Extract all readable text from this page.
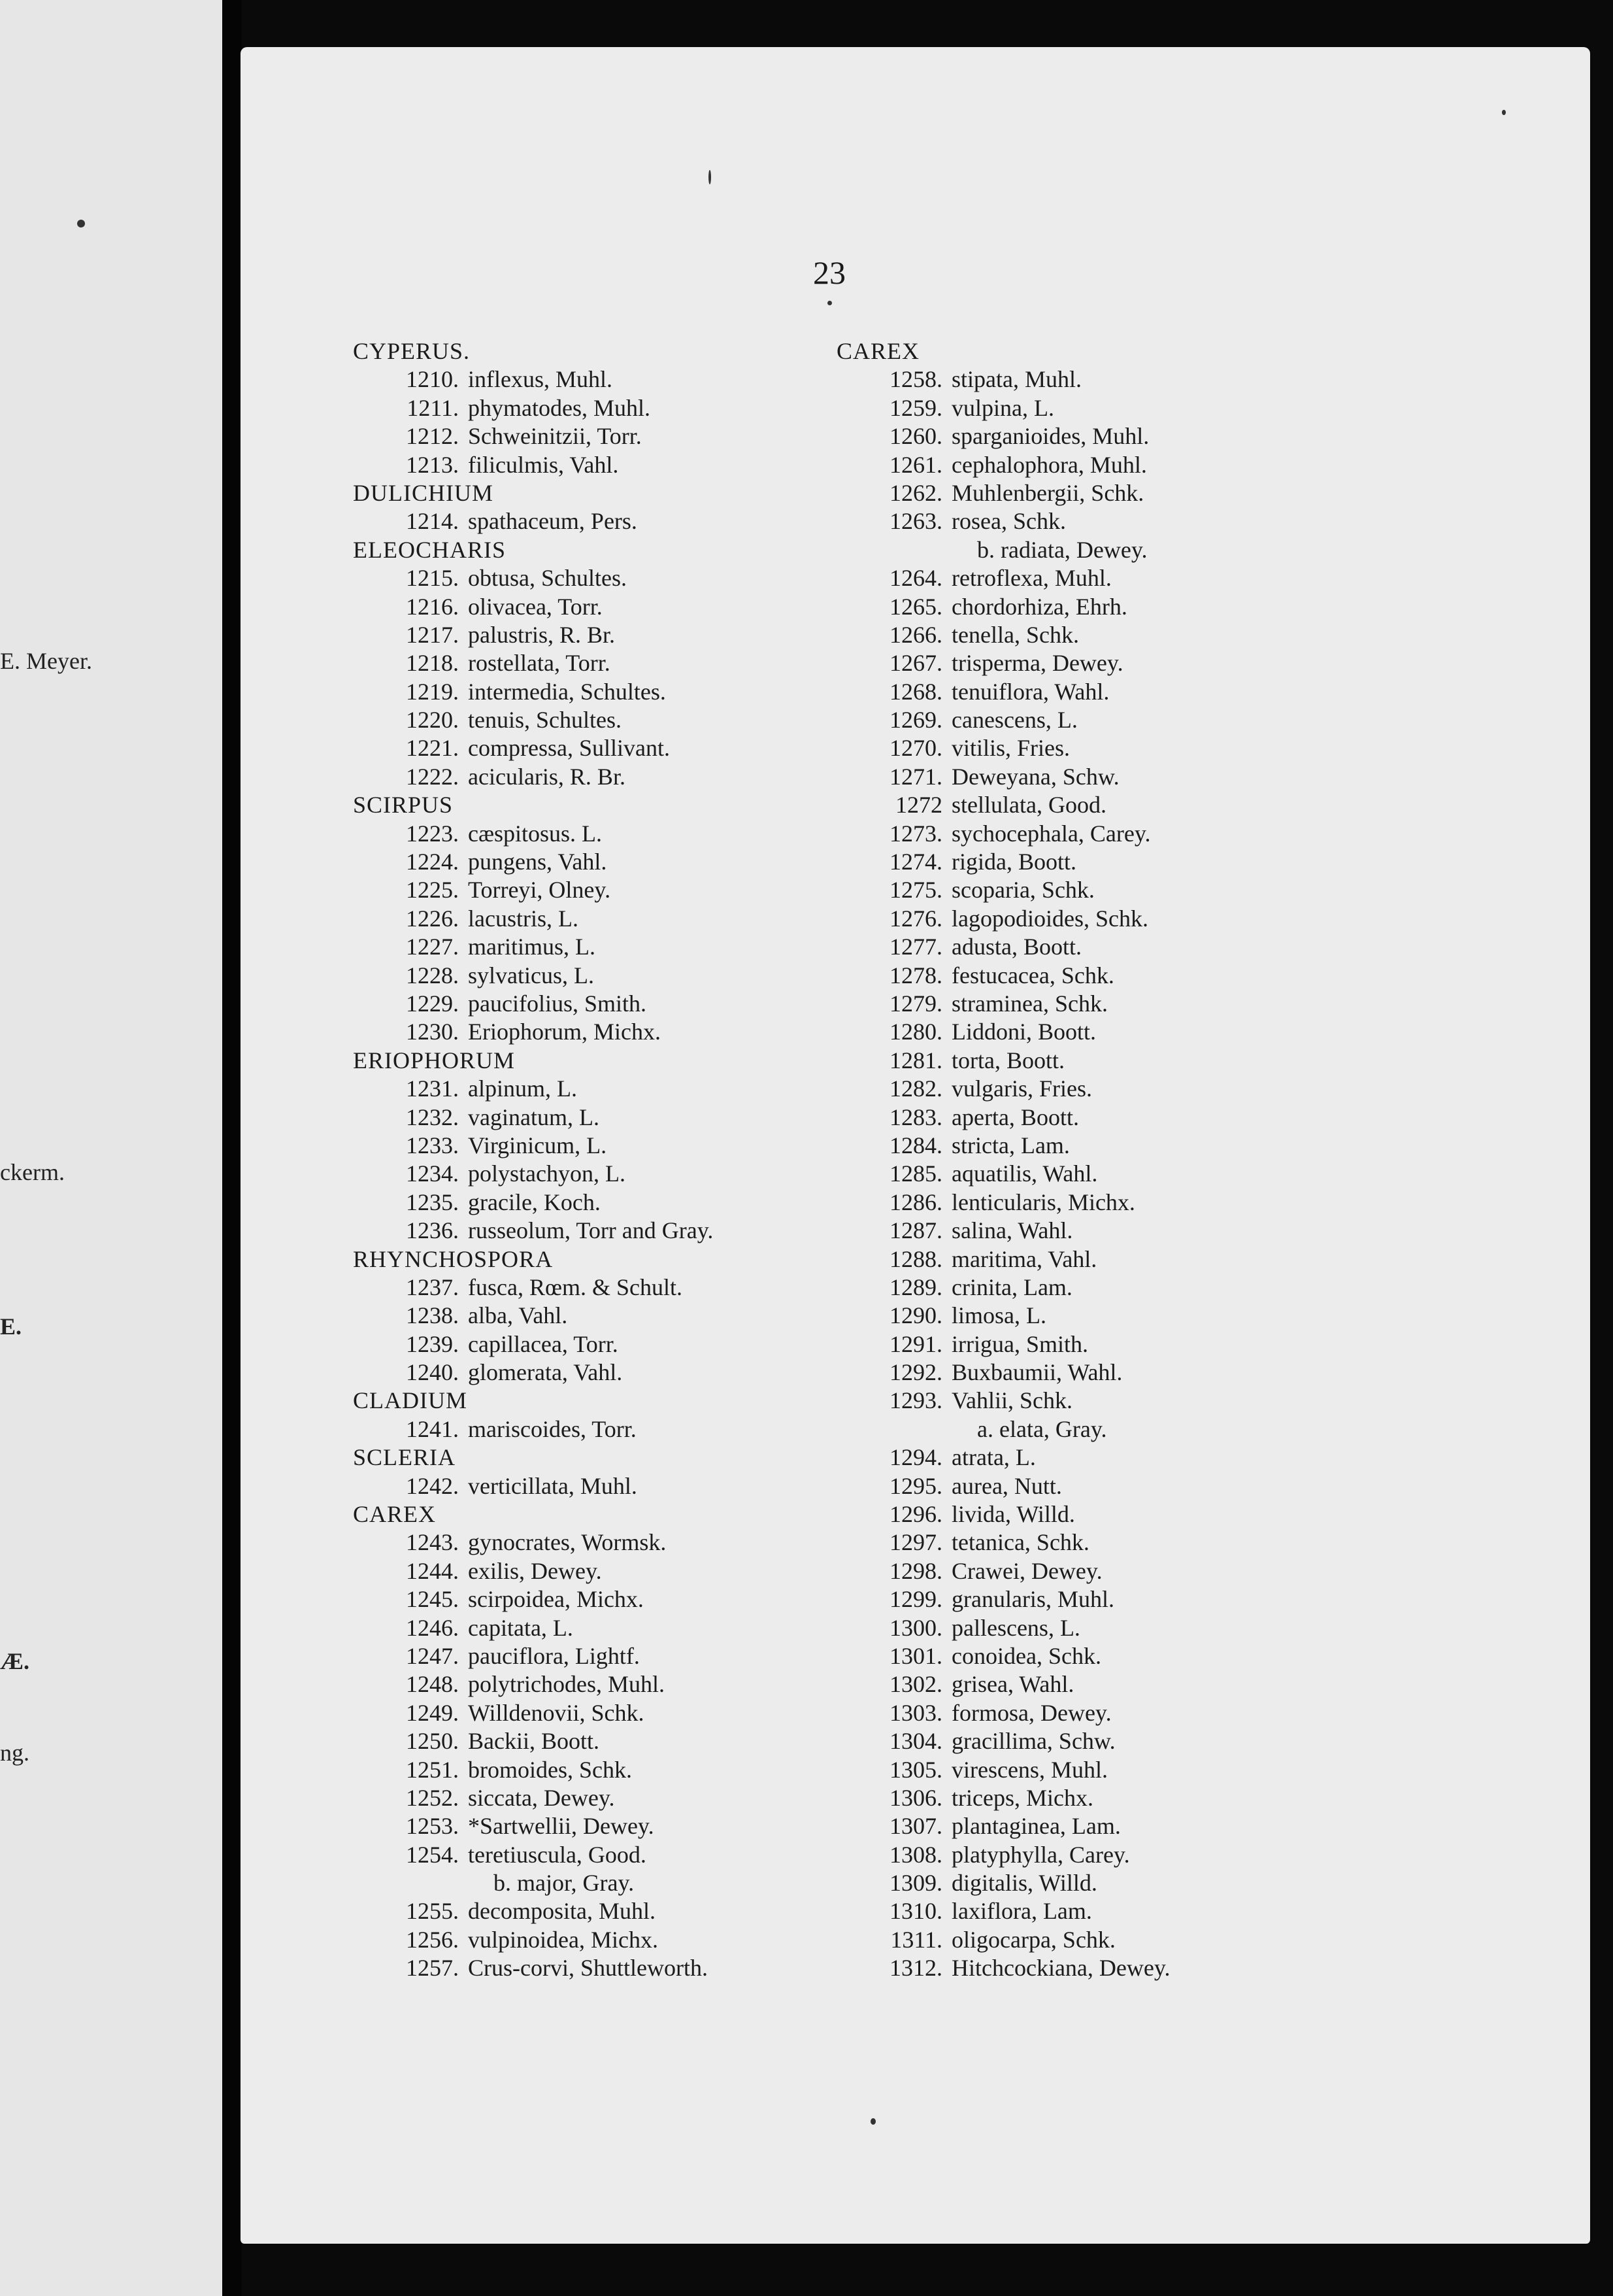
E. Meyer.
ckerm.
E.
Æ.
ng.
23
CYPERUS.
1210. inflexus, Muhl.
1211. phymatodes, Muhl.
1212. Schweinitzii, Torr.
1213. filiculmis, Vahl.
DULICHIUM
1214. spathaceum, Pers.
ELEOCHARIS
1215. obtusa, Schultes.
1216. olivacea, Torr.
1217. palustris, R. Br.
1218. rostellata, Torr.
1219. intermedia, Schultes.
1220. tenuis, Schultes.
1221. compressa, Sullivant.
1222. acicularis, R. Br.
SCIRPUS
1223. cæspitosus. L.
1224. pungens, Vahl.
1225. Torreyi, Olney.
1226. lacustris, L.
1227. maritimus, L.
1228. sylvaticus, L.
1229. paucifolius, Smith.
1230. Eriophorum, Michx.
ERIOPHORUM
1231. alpinum, L.
1232. vaginatum, L.
1233. Virginicum, L.
1234. polystachyon, L.
1235. gracile, Koch.
1236. russeolum, Torr and Gray.
RHYNCHOSPORA
1237. fusca, Rœm. & Schult.
1238. alba, Vahl.
1239. capillacea, Torr.
1240. glomerata, Vahl.
CLADIUM
1241. mariscoides, Torr.
SCLERIA
1242. verticillata, Muhl.
CAREX
1243. gynocrates, Wormsk.
1244. exilis, Dewey.
1245. scirpoidea, Michx.
1246. capitata, L.
1247. pauciflora, Lightf.
1248. polytrichodes, Muhl.
1249. Willdenovii, Schk.
1250. Backii, Boott.
1251. bromoides, Schk.
1252. siccata, Dewey.
1253. *Sartwellii, Dewey.
1254. teretiuscula, Good.
b. major, Gray.
1255. decomposita, Muhl.
1256. vulpinoidea, Michx.
1257. Crus-corvi, Shuttleworth.
CAREX
1258. stipata, Muhl.
1259. vulpina, L.
1260. sparganioides, Muhl.
1261. cephalophora, Muhl.
1262. Muhlenbergii, Schk.
1263. rosea, Schk.
b. radiata, Dewey.
1264. retroflexa, Muhl.
1265. chordorhiza, Ehrh.
1266. tenella, Schk.
1267. trisperma, Dewey.
1268. tenuiflora, Wahl.
1269. canescens, L.
1270. vitilis, Fries.
1271. Deweyana, Schw.
1272 stellulata, Good.
1273. sychocephala, Carey.
1274. rigida, Boott.
1275. scoparia, Schk.
1276. lagopodioides, Schk.
1277. adusta, Boott.
1278. festucacea, Schk.
1279. straminea, Schk.
1280. Liddoni, Boott.
1281. torta, Boott.
1282. vulgaris, Fries.
1283. aperta, Boott.
1284. stricta, Lam.
1285. aquatilis, Wahl.
1286. lenticularis, Michx.
1287. salina, Wahl.
1288. maritima, Vahl.
1289. crinita, Lam.
1290. limosa, L.
1291. irrigua, Smith.
1292. Buxbaumii, Wahl.
1293. Vahlii, Schk.
a. elata, Gray.
1294. atrata, L.
1295. aurea, Nutt.
1296. livida, Willd.
1297. tetanica, Schk.
1298. Crawei, Dewey.
1299. granularis, Muhl.
1300. pallescens, L.
1301. conoidea, Schk.
1302. grisea, Wahl.
1303. formosa, Dewey.
1304. gracillima, Schw.
1305. virescens, Muhl.
1306. triceps, Michx.
1307. plantaginea, Lam.
1308. platyphylla, Carey.
1309. digitalis, Willd.
1310. laxiflora, Lam.
1311. oligocarpa, Schk.
1312. Hitchcockiana, Dewey.
